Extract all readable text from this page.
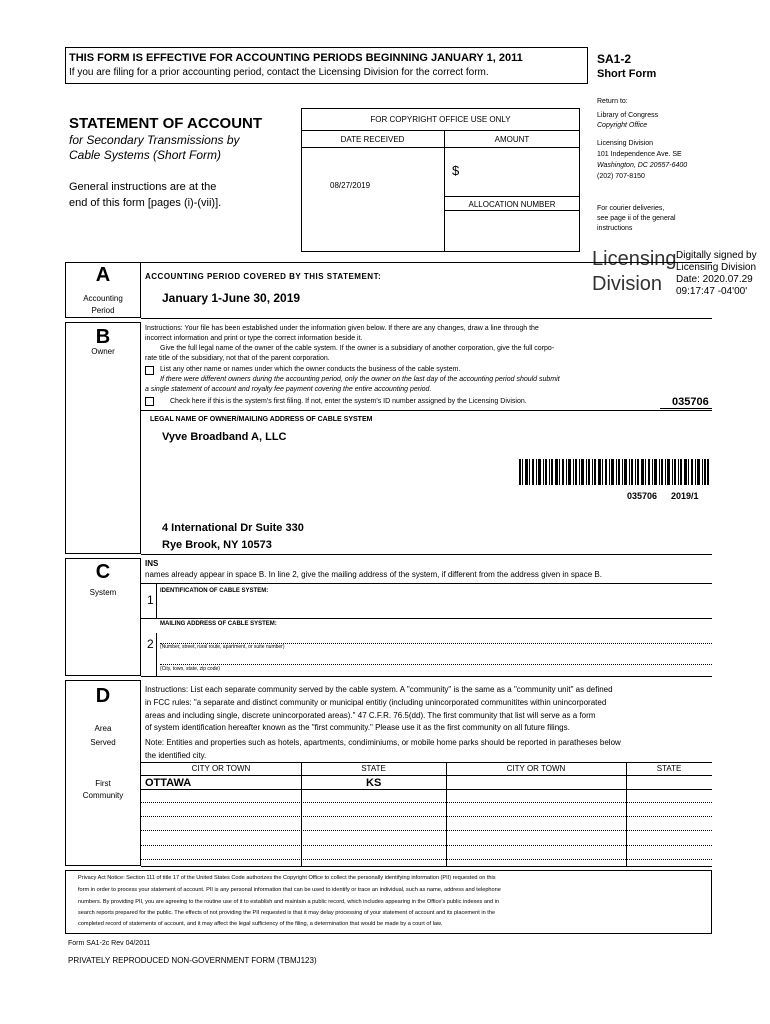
THIS FORM IS EFFECTIVE FOR ACCOUNTING PERIODS BEGINNING JANUARY 1, 2011
If you are filing for a prior accounting period, contact the Licensing Division for the correct form.
SA1-2
Short Form
STATEMENT OF ACCOUNT
for Secondary Transmissions by
Cable Systems (Short Form)
General instructions are at the
end of this form [pages (i)-(vii)].
FOR COPYRIGHT OFFICE USE ONLY
DATE RECEIVED	AMOUNT
$
08/27/2019
ALLOCATION NUMBER
Return to:
Library of Congress
Copyright Office
Licensing Division
101 Independence Ave. SE
Washington, DC 20557-6400
(202) 707-8150
For courier deliveries,
see page ii of the general
instructions
Licensing
Division
Digitally signed by
Licensing Division
Date: 2020.07.29
09:17:47 -04'00'
A
Accounting
Period
ACCOUNTING PERIOD COVERED BY THIS STATEMENT:
January 1-June 30, 2019
B
Owner
Instructions: Your file has been established under the information given below. If there are any changes, draw a line through the
incorrect information and print or type the correct information beside it.
Give the full legal name of the owner of the cable system. If the owner is a subsidiary of another corporation, give the full corpo-
rate title of the subsidiary, not that of the parent corporation.
List any other name or names under which the owner conducts the business of the cable system.
If there were different owners during the accounting period, only the owner on the last day of the accounting period should submit
a single statement of account and royalty fee payment covering the entire accounting period.
Check here if this is the system's first filing. If not, enter the system's ID number assigned by the Licensing Division.	035706
LEGAL NAME OF OWNER/MAILING ADDRESS OF CABLE SYSTEM
Vyve Broadband A, LLC
035706 2019/1
4 International Dr Suite 330
Rye Brook, NY 10573
C
System
INS
names already appear in space B. In line 2, give the mailing address of the system, if different from the address given in space B.
1
IDENTIFICATION OF CABLE SYSTEM:
MAILING ADDRESS OF CABLE SYSTEM:
2 (Number, street, rural route, apartment, or suite number)
(City, town, state, zip code)
D
Area
Served
First
Community
Instructions: List each separate community served by the cable system. A "community" is the same as a "community unit" as defined
in FCC rules: "a separate and distinct community or municipal entitiy (including unincorporated communitites within unincorporated
areas and including single, discrete unincorporated areas)." 47 C.F.R. 76.5(dd). The first community that list will serve as a form
of system identification hereafter known as the "first community." Please use it as the first community on all future filings.
Note: Entities and properties such as hotels, apartments, condiminiums, or mobile home parks should be reported in paratheses below
the identified city.
CITY OR TOWN	STATE	CITY OR TOWN	STATE
OTTAWA	KS
Privacy Act Notice: Section 111 of title 17 of the United States Code authorizes the Copyright Office to collect the personally identifying information (PII) requested on this
form in order to process your statement of account. PII is any personal information that can be used to identify or trace an individual, such as name, address and telephone
numbers. By providing PII, you are agreeing to the routine use of it to establish and maintain a public record, which includes appearing in the Office's public indexes and in
search reports prepared for the public. The effects of not providing the PII requested is that it may delay processing of your statement of account and its placement in the
completed record of statements of account, and it may affect the legal sufficiency of the filing, a determination that would be made by a court of law.
Form SA1-2c Rev 04/2011
PRIVATELY REPRODUCED NON-GOVERNMENT FORM (TBMJ123)
